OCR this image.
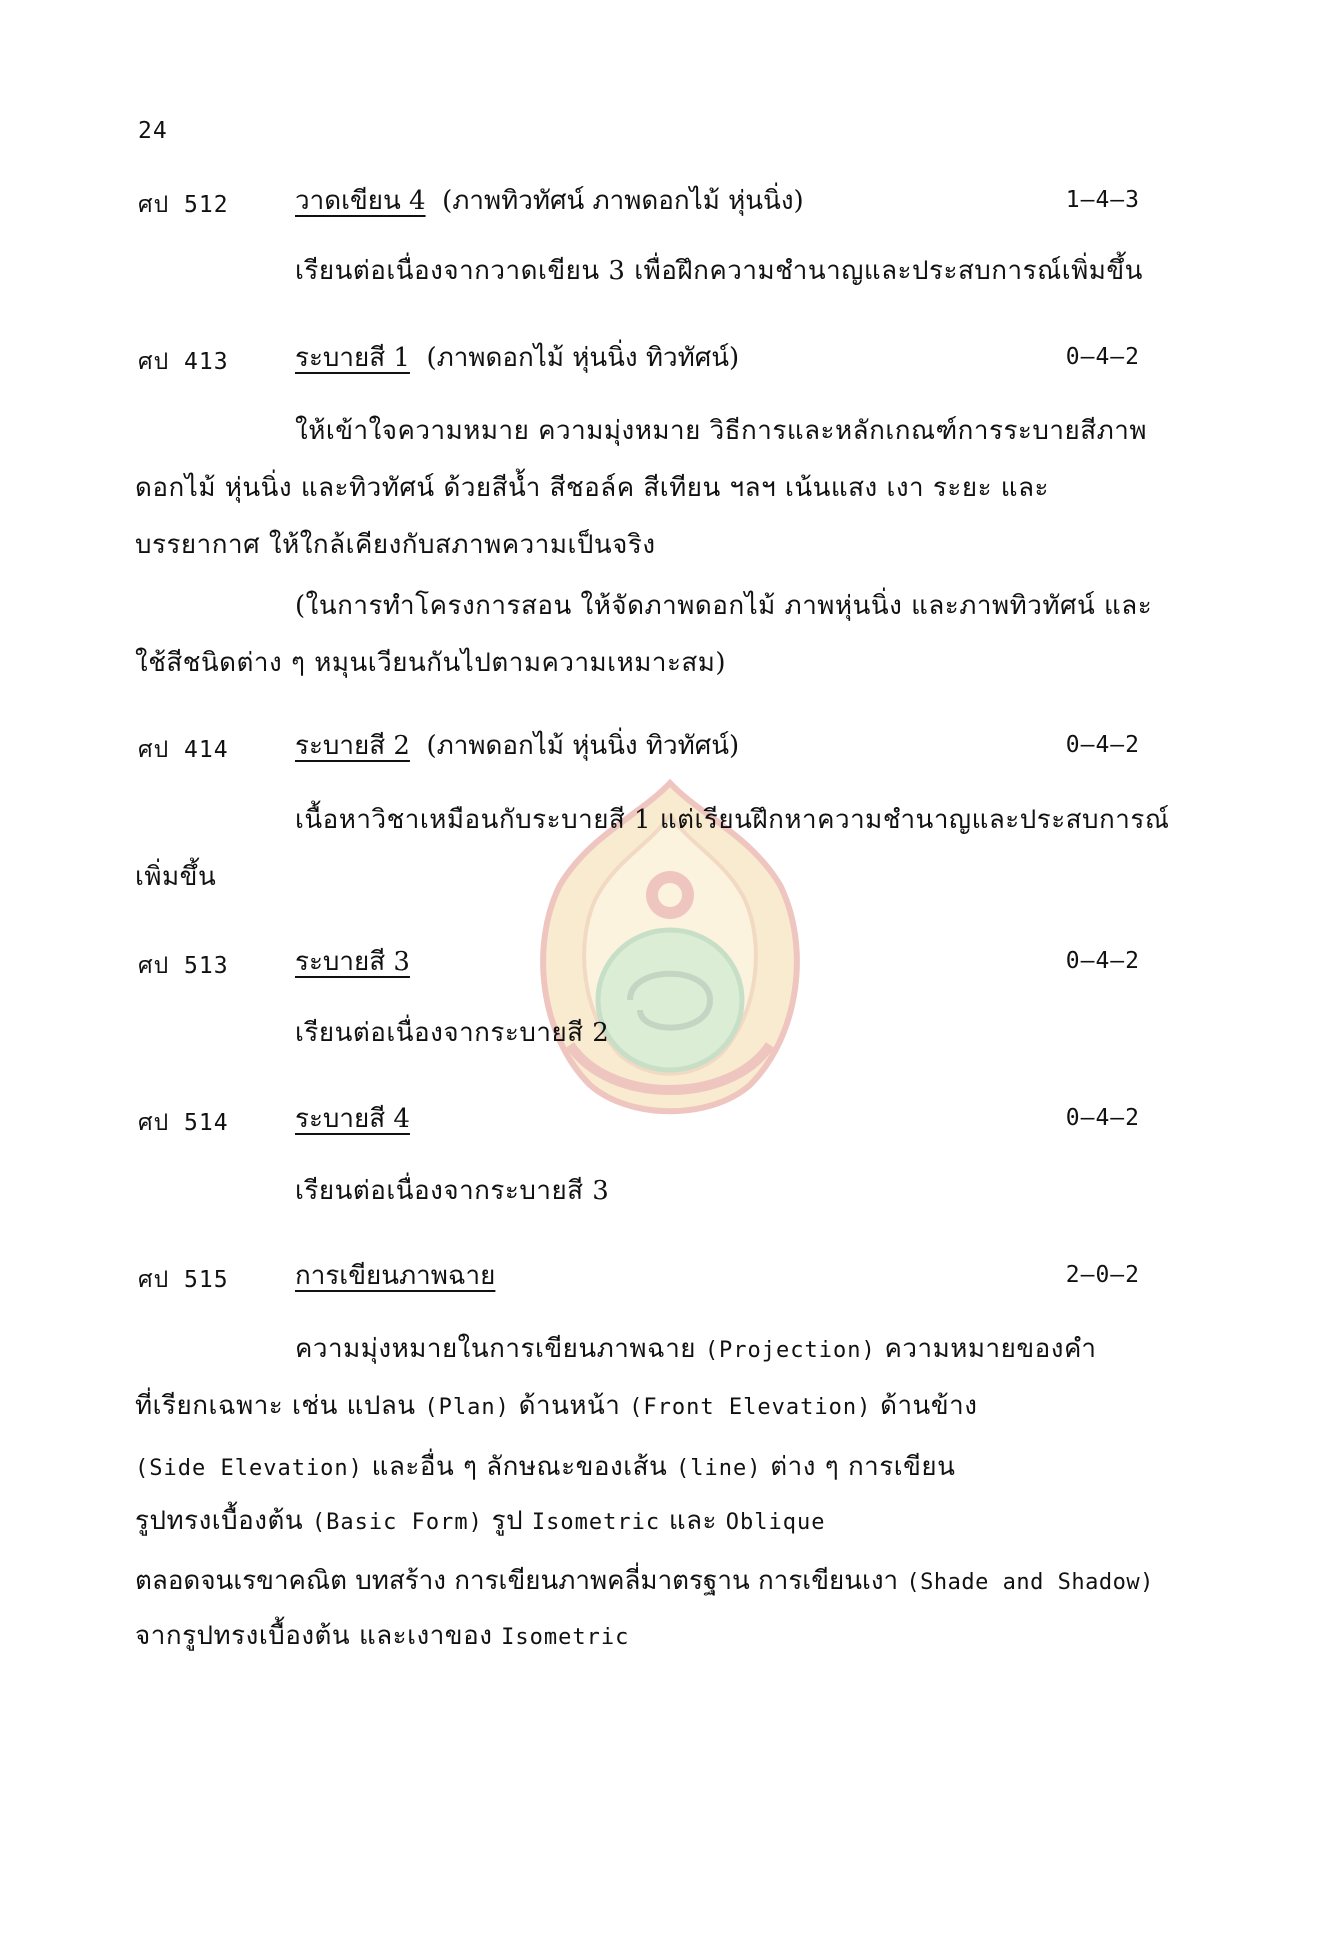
24
ศป 512	วาดเขียน 4 (ภาพทิวทัศน์ ภาพดอกไม้ หุ่นนิ่ง)	1–4–3
เรียนต่อเนื่องจากวาดเขียน 3 เพื่อฝึกความชำนาญและประสบการณ์เพิ่มขึ้น
ศป 413	ระบายสี 1 (ภาพดอกไม้ หุ่นนิ่ง ทิวทัศน์)	0–4–2
ให้เข้าใจความหมาย ความมุ่งหมาย วิธีการและหลักเกณฑ์การระบายสีภาพ
ดอกไม้ หุ่นนิ่ง และทิวทัศน์ ด้วยสีน้ำ สีชอล์ค สีเทียน ฯลฯ เน้นแสง เงา ระยะ และ
บรรยากาศ ให้ใกล้เคียงกับสภาพความเป็นจริง
(ในการทำโครงการสอน ให้จัดภาพดอกไม้ ภาพหุ่นนิ่ง และภาพทิวทัศน์ และ
ใช้สีชนิดต่าง ๆ หมุนเวียนกันไปตามความเหมาะสม)
ศป 414	ระบายสี 2 (ภาพดอกไม้ หุ่นนิ่ง ทิวทัศน์)	0–4–2
เนื้อหาวิชาเหมือนกับระบายสี 1 แต่เรียนฝึกหาความชำนาญและประสบการณ์
เพิ่มขึ้น
ศป 513	ระบายสี 3	0–4–2
เรียนต่อเนื่องจากระบายสี 2
ศป 514	ระบายสี 4	0–4–2
เรียนต่อเนื่องจากระบายสี 3
ศป 515	การเขียนภาพฉาย	2–0–2
ความมุ่งหมายในการเขียนภาพฉาย (Projection) ความหมายของคำ
ที่เรียกเฉพาะ เช่น แปลน (Plan) ด้านหน้า (Front Elevation) ด้านข้าง
(Side Elevation) และอื่น ๆ ลักษณะของเส้น (line) ต่าง ๆ การเขียน
รูปทรงเบื้องต้น (Basic Form) รูป Isometric และ Oblique
ตลอดจนเรขาคณิต บทสร้าง การเขียนภาพคลี่มาตรฐาน การเขียนเงา (Shade and Shadow)
จากรูปทรงเบื้องต้น และเงาของ Isometric
